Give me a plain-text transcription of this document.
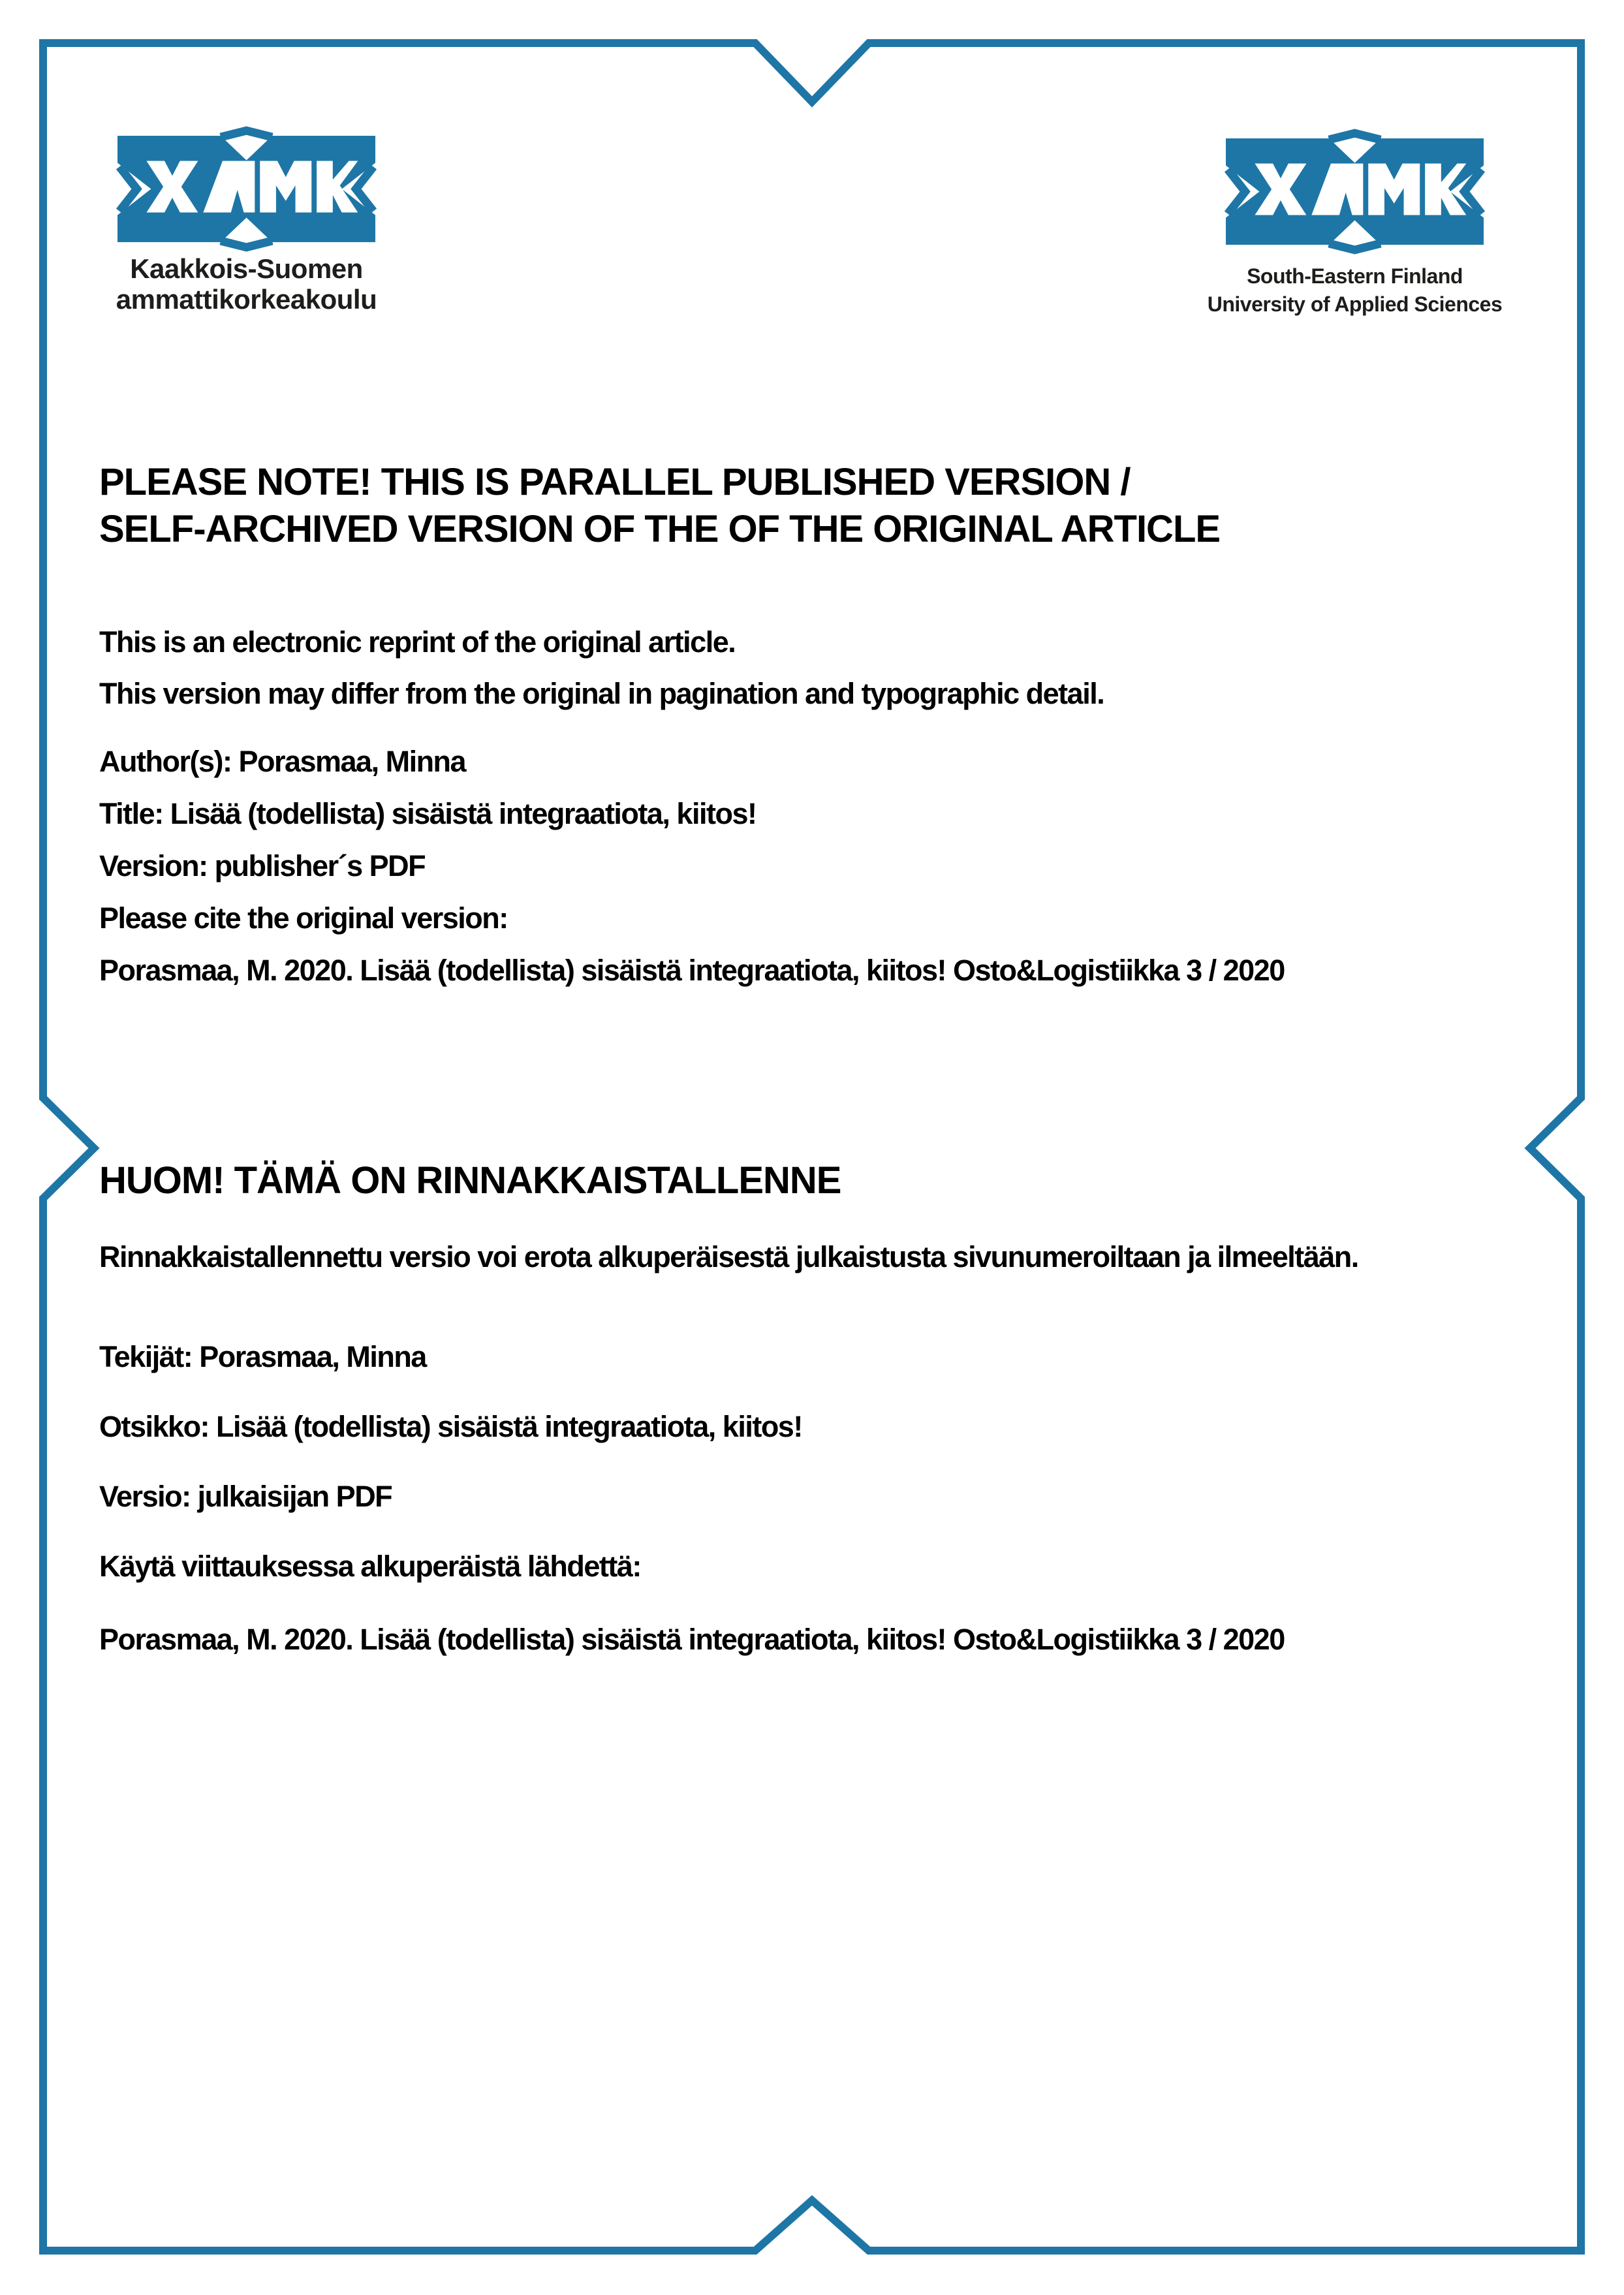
Kaakkois-Suomen
ammattikorkeakoulu
South-Eastern Finland
University of Applied Sciences
PLEASE NOTE! THIS IS PARALLEL PUBLISHED VERSION /
SELF-ARCHIVED VERSION OF THE OF THE ORIGINAL ARTICLE
This is an electronic reprint of the original article.
This version may differ from the original in pagination and typographic detail.
Author(s): Porasmaa, Minna
Title: Lisää (todellista) sisäistä integraatiota, kiitos!
Version: publisher´s PDF
Please cite the original version:
Porasmaa, M. 2020. Lisää (todellista) sisäistä integraatiota, kiitos! Osto&Logistiikka 3 / 2020
HUOM! TÄMÄ ON RINNAKKAISTALLENNE
Rinnakkaistallennettu versio voi erota alkuperäisestä julkaistusta sivunumeroiltaan ja ilmeeltään.
Tekijät: Porasmaa, Minna
Otsikko: Lisää (todellista) sisäistä integraatiota, kiitos!
Versio: julkaisijan PDF
Käytä viittauksessa alkuperäistä lähdettä:
Porasmaa, M. 2020. Lisää (todellista) sisäistä integraatiota, kiitos! Osto&Logistiikka 3 / 2020
